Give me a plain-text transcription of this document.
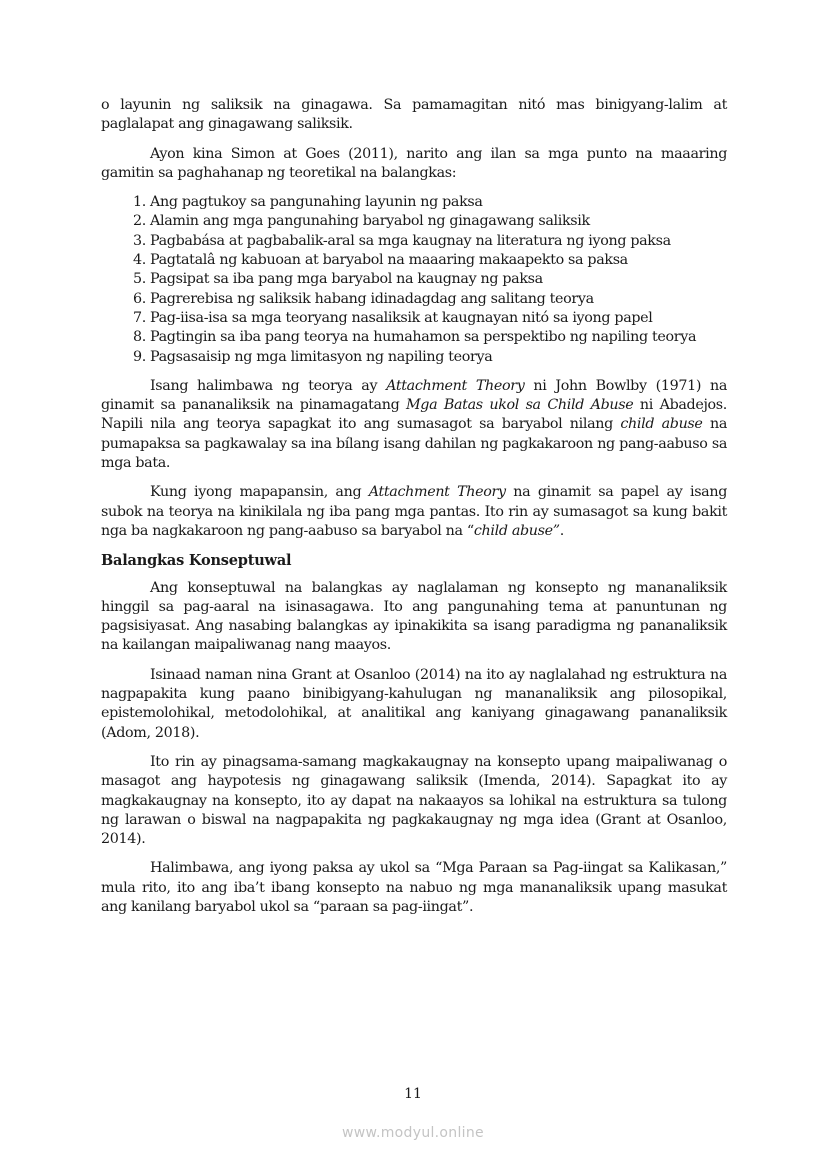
o layunin ng saliksik na ginagawa. Sa pamamagitan nitó mas binigyang-lalim at paglalapat ang ginagawang saliksik.

Ayon kina Simon at Goes (2011), narito ang ilan sa mga punto na maaaring gamitin sa paghahanap ng teoretikal na balangkas:

1. Ang pagtukoy sa pangunahing layunin ng paksa
2. Alamin ang mga pangunahing baryabol ng ginagawang saliksik
3. Pagbabása at pagbabalik-aral sa mga kaugnay na literatura ng iyong paksa
4. Pagtatalâ ng kabuoan at baryabol na maaaring makaapekto sa paksa
5. Pagsipat sa iba pang mga baryabol na kaugnay ng paksa
6. Pagrerebisa ng saliksik habang idinadagdag ang salitang teorya
7. Pag-iisa-isa sa mga teoryang nasaliksik at kaugnayan nitó sa iyong papel
8. Pagtingin sa iba pang teorya na humahamon sa perspektibo ng napiling teorya
9. Pagsasaisip ng mga limitasyon ng napiling teorya

Isang halimbawa ng teorya ay Attachment Theory ni John Bowlby (1971) na ginamit sa pananaliksik na pinamagatang Mga Batas ukol sa Child Abuse ni Abadejos. Napili nila ang teorya sapagkat ito ang sumasagot sa baryabol nilang child abuse na pumapaksa sa pagkawalay sa ina bílang isang dahilan ng pagkakaroon ng pang-aabuso sa mga bata.

Kung iyong mapapansin, ang Attachment Theory na ginamit sa papel ay isang subok na teorya na kinikilala ng iba pang mga pantas. Ito rin ay sumasagot sa kung bakit nga ba nagkakaroon ng pang-aabuso sa baryabol na “child abuse”.

Balangkas Konseptuwal

Ang konseptuwal na balangkas ay naglalaman ng konsepto ng mananaliksik hinggil sa pag-aaral na isinasagawa. Ito ang pangunahing tema at panuntunan ng pagsisiyasat. Ang nasabing balangkas ay ipinakikita sa isang paradigma ng pananaliksik na kailangan maipaliwanag nang maayos.

Isinaad naman nina Grant at Osanloo (2014) na ito ay naglalahad ng estruktura na nagpapakita kung paano binibigyang-kahulugan ng mananaliksik ang pilosopikal, epistemolohikal, metodolohikal, at analitikal ang kaniyang ginagawang pananaliksik (Adom, 2018).

Ito rin ay pinagsama-samang magkakaugnay na konsepto upang maipaliwanag o masagot ang haypotesis ng ginagawang saliksik (Imenda, 2014). Sapagkat ito ay magkakaugnay na konsepto, ito ay dapat na nakaayos sa lohikal na estruktura sa tulong ng larawan o biswal na nagpapakita ng pagkakaugnay ng mga idea (Grant at Osanloo, 2014).

Halimbawa, ang iyong paksa ay ukol sa “Mga Paraan sa Pag-iingat sa Kalikasan,” mula rito, ito ang iba’t ibang konsepto na nabuo ng mga mananaliksik upang masukat ang kanilang baryabol ukol sa “paraan sa pag-iingat”.

11
www.modyul.online
